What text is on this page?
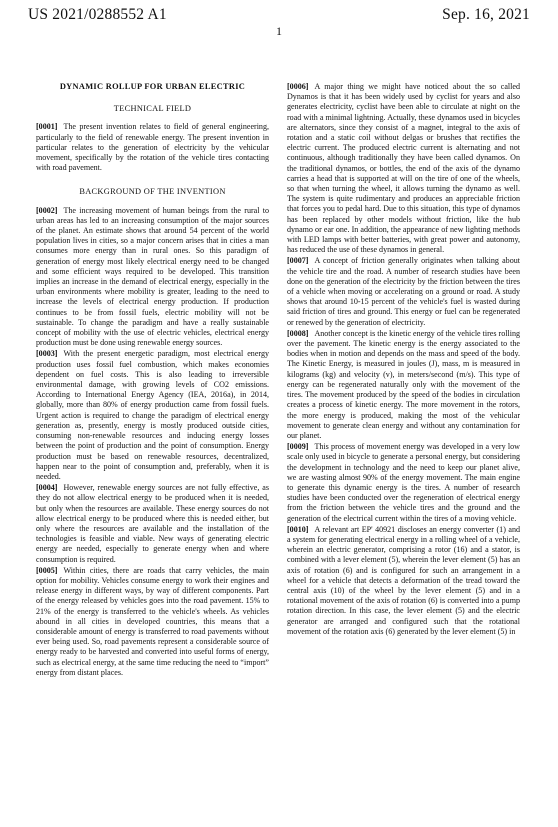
US 2021/0288552 A1	Sep. 16, 2021
1
DYNAMIC ROLLUP FOR URBAN ELECTRIC
TECHNICAL FIELD

[0001] The present invention relates to field of general engineering, particularly to the field of renewable energy. The present invention in particular relates to the generation of electricity by the vehicular movement, specifically by the rotation of the vehicle tires contacting with road pavement.

BACKGROUND OF THE INVENTION

[0002] The increasing movement of human beings from the rural to urban areas has led to an increasing consumption of the major sources of the planet. An estimate shows that around 54 percent of the world population lives in cities, so a major concern arises that in cities a man consumes more energy than in rural ones. So this paradigm of generation of energy most likely electrical energy need to be changed and some efficient ways required to be developed. This transition implies an increase in the demand of electrical energy, especially in the urban environments where mobility is greater, leading to the need to increase the levels of electrical energy production. If production continues to be from fossil fuels, electric mobility will not be sustainable. To change the paradigm and have a really sustainable concept of mobility with the use of electric vehicles, electrical energy production must be done using renewable energy sources.

[0003] With the present energetic paradigm, most electrical energy production uses fossil fuel combustion, which makes economies dependent on fuel costs. This is also leading to irreversible environmental damage, with growing levels of CO2 emissions. According to International Energy Agency (IEA, 2016a), in 2014, globally, more than 80% of energy production came from fossil fuels. Urgent action is required to change the paradigm of electrical energy generation as, presently, energy is mostly produced outside cities, consuming non-renewable resources and inducing energy losses between the point of production and the point of consumption. Energy production must be based on renewable resources, decentralized, happen near to the point of consumption and, preferably, when it is needed.

[0004] However, renewable energy sources are not fully effective, as they do not allow electrical energy to be produced when it is needed, but only when the resources are available. These energy sources do not allow electrical energy to be produced where this is needed either, but only where the resources are available and the installation of the technologies is feasible and viable. New ways of generating electric energy are needed, especially to generate energy when and where consumption is required.

[0005] Within cities, there are roads that carry vehicles, the main option for mobility. Vehicles consume energy to work their engines and release energy in different ways, by way of different components. Part of the energy released by vehicles goes into the road pavement. 15% to 21% of the energy is transferred to the vehicle's wheels. As vehicles abound in all cities in developed countries, this means that a considerable amount of energy is transferred to road pavements without ever being used. So, road pavements represent a considerable source of energy ready to be harvested and converted into useful forms of energy, such as electrical energy, at the same time reducing the need to “import” energy from distant places.

[0006] A major thing we might have noticed about the so called Dynamos is that it has been widely used by cyclist for years and also generates electricity, cyclist have been able to circulate at night on the road with a minimal lightning. Actually, these dynamos used in bicycles are alternators, since they consist of a magnet, integral to the axis of rotation and a static coil without delgas or brushes that rectifies the electric current. The produced electric current is alternating and not continuous, although traditionally they have been called dynamos. On the traditional dynamos, or bottles, the end of the axis of the dynamo carries a head that is supported at will on the tire of one of the wheels, so that when turning the wheel, it allows turning the dynamo as well. The system is quite rudimentary and produces an appreciable friction that forces you to pedal hard. Due to this situation, this type of dynamos has been replaced by other models without friction, like the hub dynamo or ear one. In addition, the appearance of new lighting methods with LED lamps with better batteries, with great power and autonomy, has reduced the use of these dynamos in general.

[0007] A concept of friction generally originates when talking about the vehicle tire and the road. A number of research studies have been done on the generation of the electricity by the friction between the tires of a vehicle when moving or accelerating on a ground or road. A study shows that around 10-15 percent of the vehicle's fuel is wasted during said friction of tires and ground. This energy or fuel can be regenerated or renewed by the generation of electricity.

[0008] Another concept is the kinetic energy of the vehicle tires rolling over the pavement. The kinetic energy is the energy associated to the bodies when in motion and depends on the mass and speed of the body. The Kinetic Energy, is measured in joules (J), mass, m is measured in kilograms (kg) and velocity (v), in meters/second (m/s). This type of energy can be regenerated naturally only with the movement of the tires. The movement produced by the speed of the bodies in circulation creates a process of kinetic energy. The more movement in the rotors, the more energy is produced, making the most of the vehicular movement to generate clean energy and without any contamination for our planet.

[0009] This process of movement energy was developed in a very low scale only used in bicycle to generate a personal energy, but considering the development in technology and the need to keep our planet alive, we are wasting almost 90% of the energy movement. The main engine to generate this dynamic energy is the tires. A number of research studies have been conducted over the regeneration of electrical energy from the friction between the vehicle tires and the ground and the generation of the electrical current within the tires of a moving vehicle.

[0010] A relevant art EP' 40921 discloses an energy converter (1) and a system for generating electrical energy in a rolling wheel of a vehicle, wherein an electric generator, comprising a rotor (16) and a stator, is combined with a lever element (5), wherein the lever element (5) has an axis of rotation (6) and is configured for such an arrangement in a wheel for a vehicle that detects a deformation of the tread toward the central axis (10) of the wheel by the lever element (5) and in a rotational movement of the axis of rotation (6) is converted into a pump rotation direction. In this case, the lever element (5) and the electric generator are arranged and configured such that the rotational movement of the rotation axis (6) generated by the lever element (5) in
